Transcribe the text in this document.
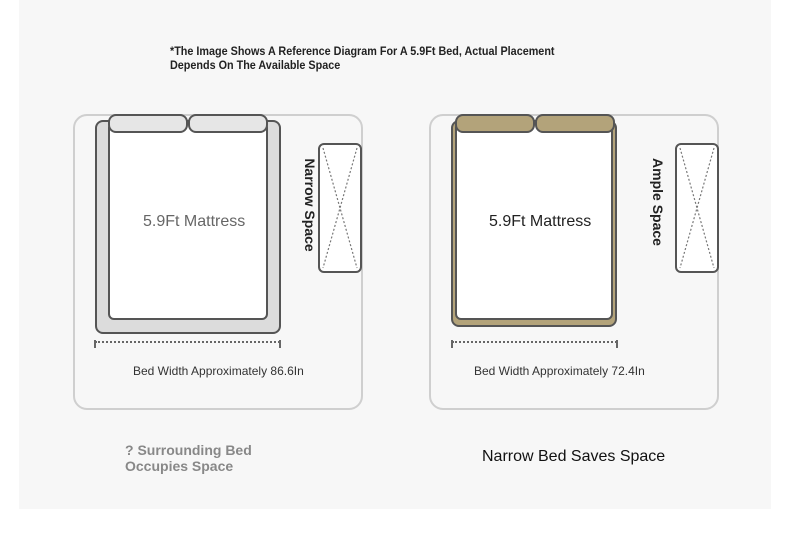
*The Image Shows A Reference Diagram For A 5.9Ft Bed, Actual Placement
Depends On The Available Space
5.9Ft Mattress	Narrow Space
Bed Width Approximately 86.6In
5.9Ft Mattress	Ample Space
Bed Width Approximately 72.4In
? Surrounding Bed Occupies Space
Narrow Bed Saves Space
